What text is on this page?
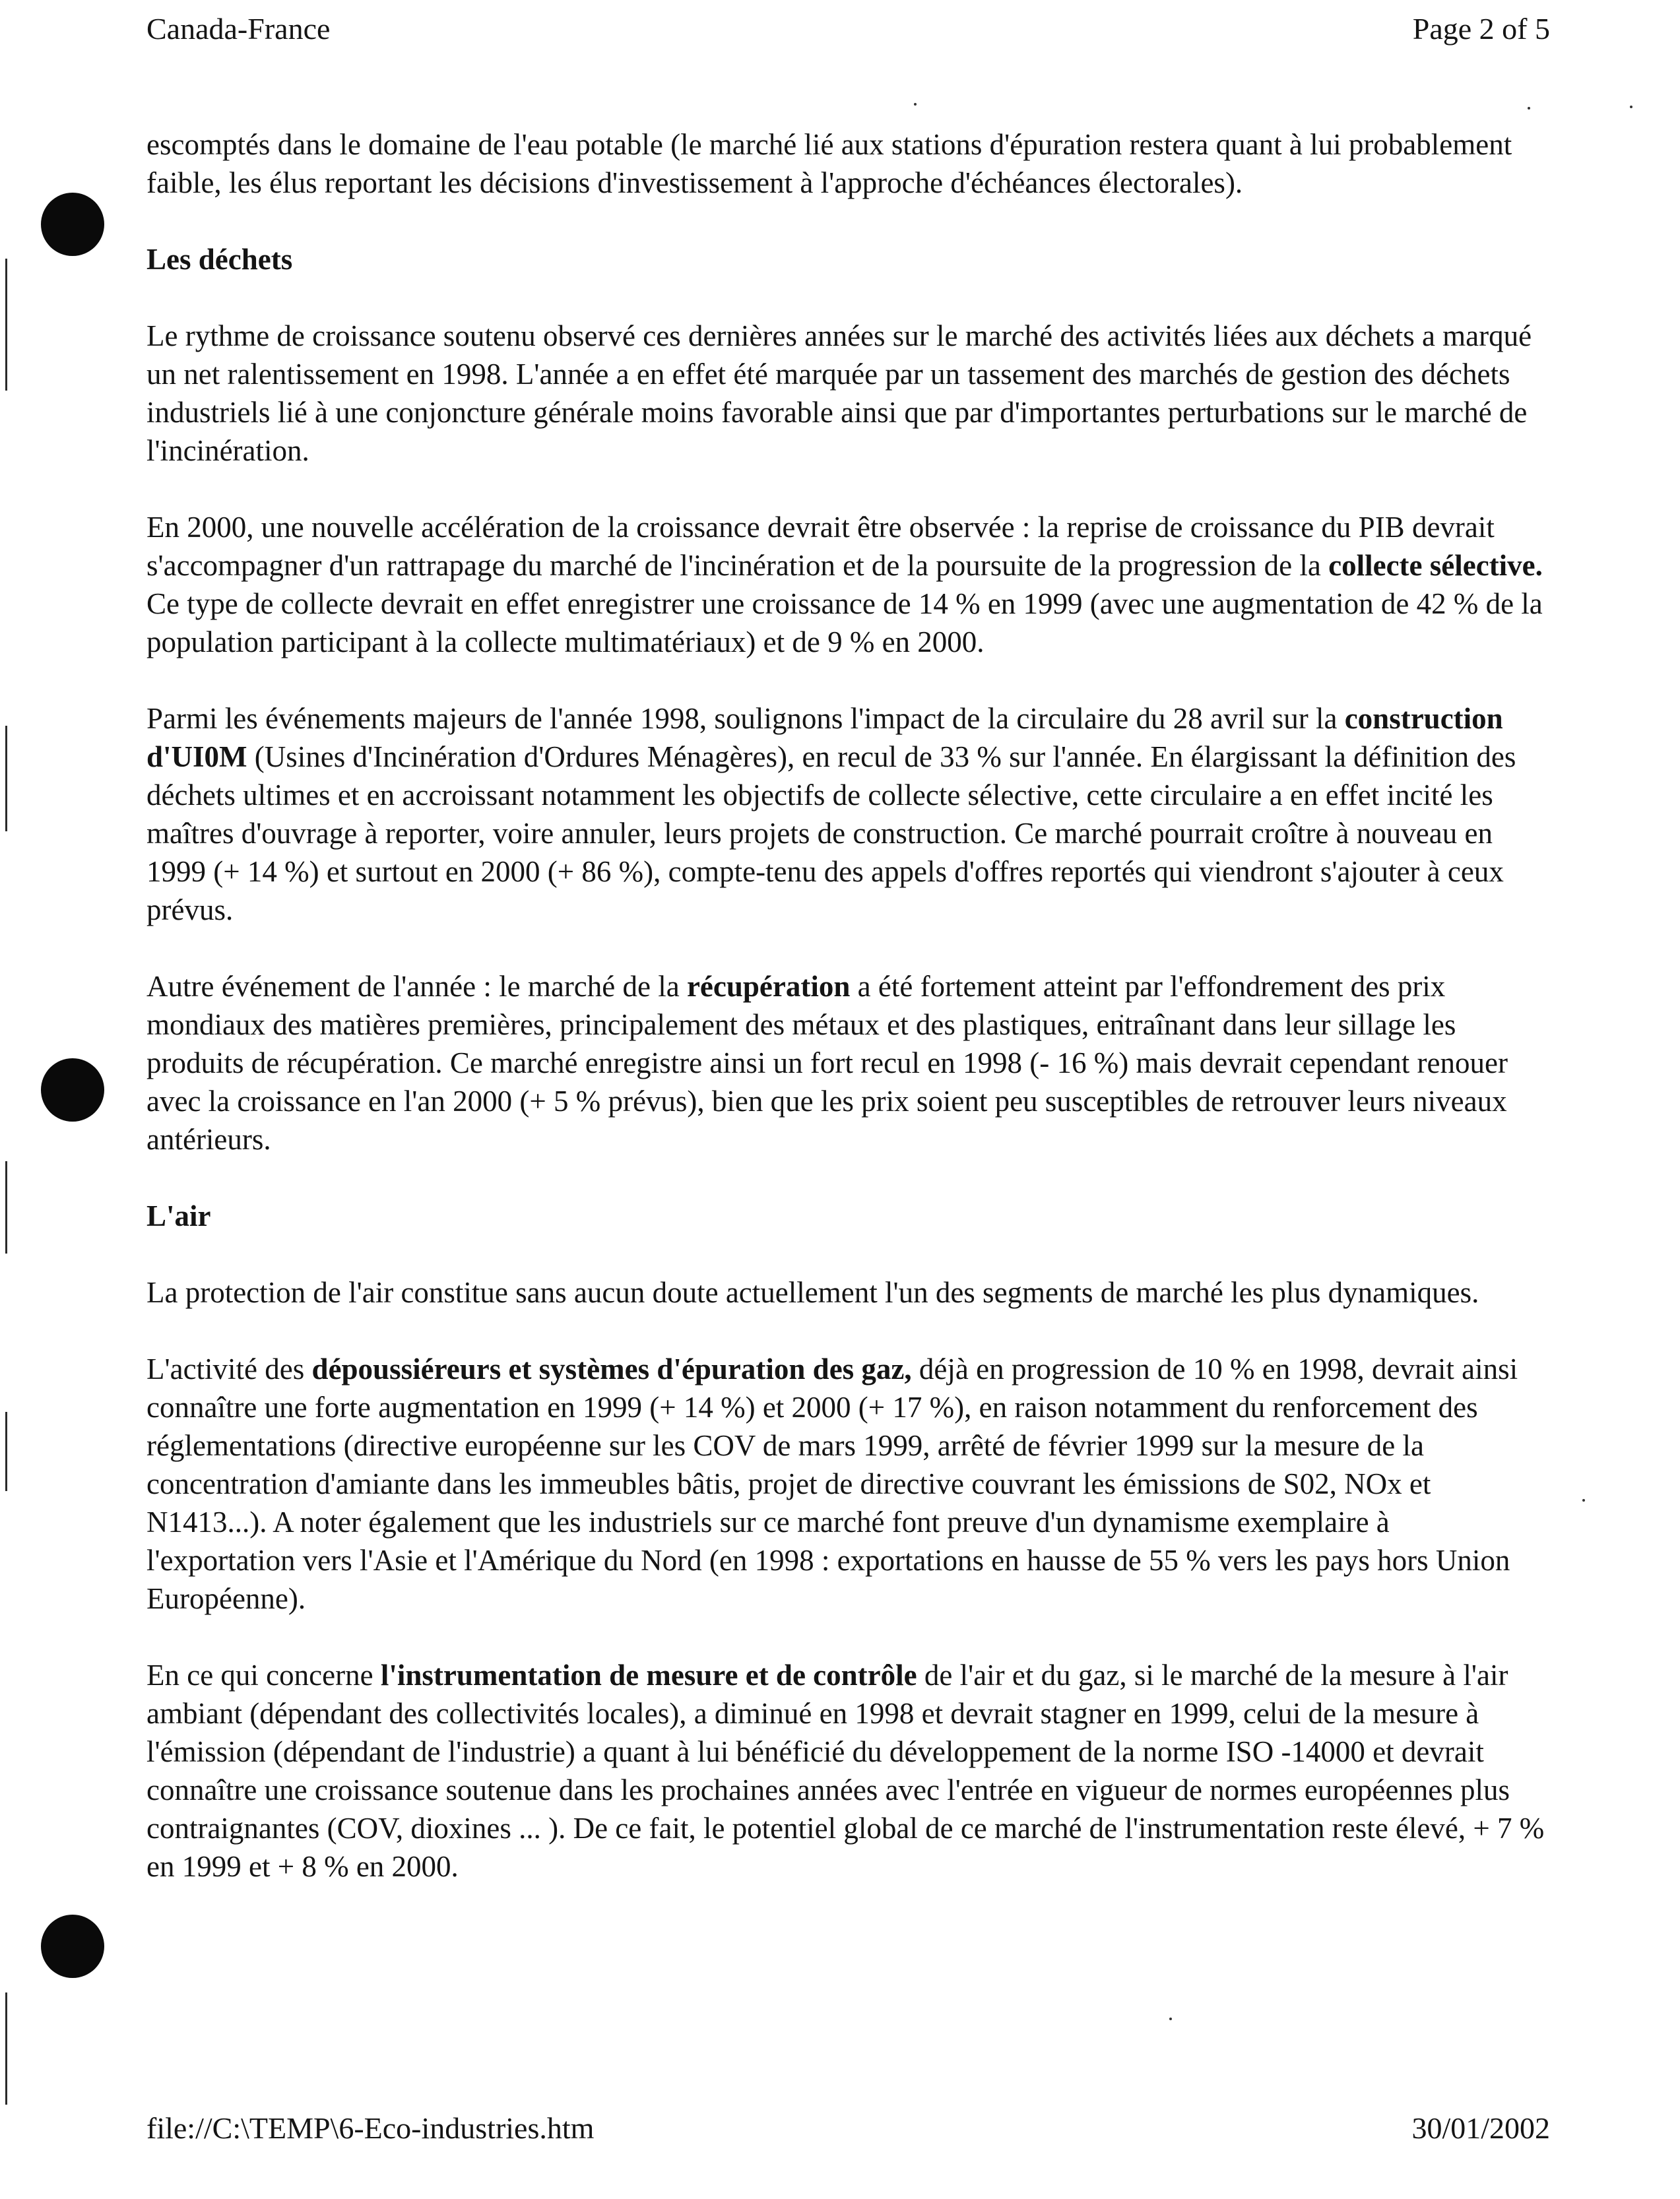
Canada-France	Page 2 of 5

escomptés dans le domaine de l'eau potable (le marché lié aux stations d'épuration restera quant à lui probablement faible, les élus reportant les décisions d'investissement à l'approche d'échéances électorales).

Les déchets

Le rythme de croissance soutenu observé ces dernières années sur le marché des activités liées aux déchets a marqué un net ralentissement en 1998. L'année a en effet été marquée par un tassement des marchés de gestion des déchets industriels lié à une conjoncture générale moins favorable ainsi que par d'importantes perturbations sur le marché de l'incinération.

En 2000, une nouvelle accélération de la croissance devrait être observée : la reprise de croissance du PIB devrait s'accompagner d'un rattrapage du marché de l'incinération et de la poursuite de la progression de la collecte sélective. Ce type de collecte devrait en effet enregistrer une croissance de 14 % en 1999 (avec une augmentation de 42 % de la population participant à la collecte multimatériaux) et de 9 % en 2000.

Parmi les événements majeurs de l'année 1998, soulignons l'impact de la circulaire du 28 avril sur la construction d'UI0M (Usines d'Incinération d'Ordures Ménagères), en recul de 33 % sur l'année. En élargissant la définition des déchets ultimes et en accroissant notamment les objectifs de collecte sélective, cette circulaire a en effet incité les maîtres d'ouvrage à reporter, voire annuler, leurs projets de construction. Ce marché pourrait croître à nouveau en 1999 (+ 14 %) et surtout en 2000 (+ 86 %), compte-tenu des appels d'offres reportés qui viendront s'ajouter à ceux prévus.

Autre événement de l'année : le marché de la récupération a été fortement atteint par l'effondrement des prix mondiaux des matières premières, principalement des métaux et des plastiques, entraînant dans leur sillage les produits de récupération. Ce marché enregistre ainsi un fort recul en 1998 (- 16 %) mais devrait cependant renouer avec la croissance en l'an 2000 (+ 5 % prévus), bien que les prix soient peu susceptibles de retrouver leurs niveaux antérieurs.

L'air

La protection de l'air constitue sans aucun doute actuellement l'un des segments de marché les plus dynamiques.

L'activité des dépoussiéreurs et systèmes d'épuration des gaz, déjà en progression de 10 % en 1998, devrait ainsi connaître une forte augmentation en 1999 (+ 14 %) et 2000 (+ 17 %), en raison notamment du renforcement des réglementations (directive européenne sur les COV de mars 1999, arrêté de février 1999 sur la mesure de la concentration d'amiante dans les immeubles bâtis, projet de directive couvrant les émissions de S02, NOx et N1413...). A noter également que les industriels sur ce marché font preuve d'un dynamisme exemplaire à l'exportation vers l'Asie et l'Amérique du Nord (en 1998 : exportations en hausse de 55 % vers les pays hors Union Européenne).

En ce qui concerne l'instrumentation de mesure et de contrôle de l'air et du gaz, si le marché de la mesure à l'air ambiant (dépendant des collectivités locales), a diminué en 1998 et devrait stagner en 1999, celui de la mesure à l'émission (dépendant de l'industrie) a quant à lui bénéficié du développement de la norme ISO -14000 et devrait connaître une croissance soutenue dans les prochaines années avec l'entrée en vigueur de normes européennes plus contraignantes (COV, dioxines ... ). De ce fait, le potentiel global de ce marché de l'instrumentation reste élevé, + 7 % en 1999 et + 8 % en 2000.

file://C:\TEMP\6-Eco-industries.htm	30/01/2002
